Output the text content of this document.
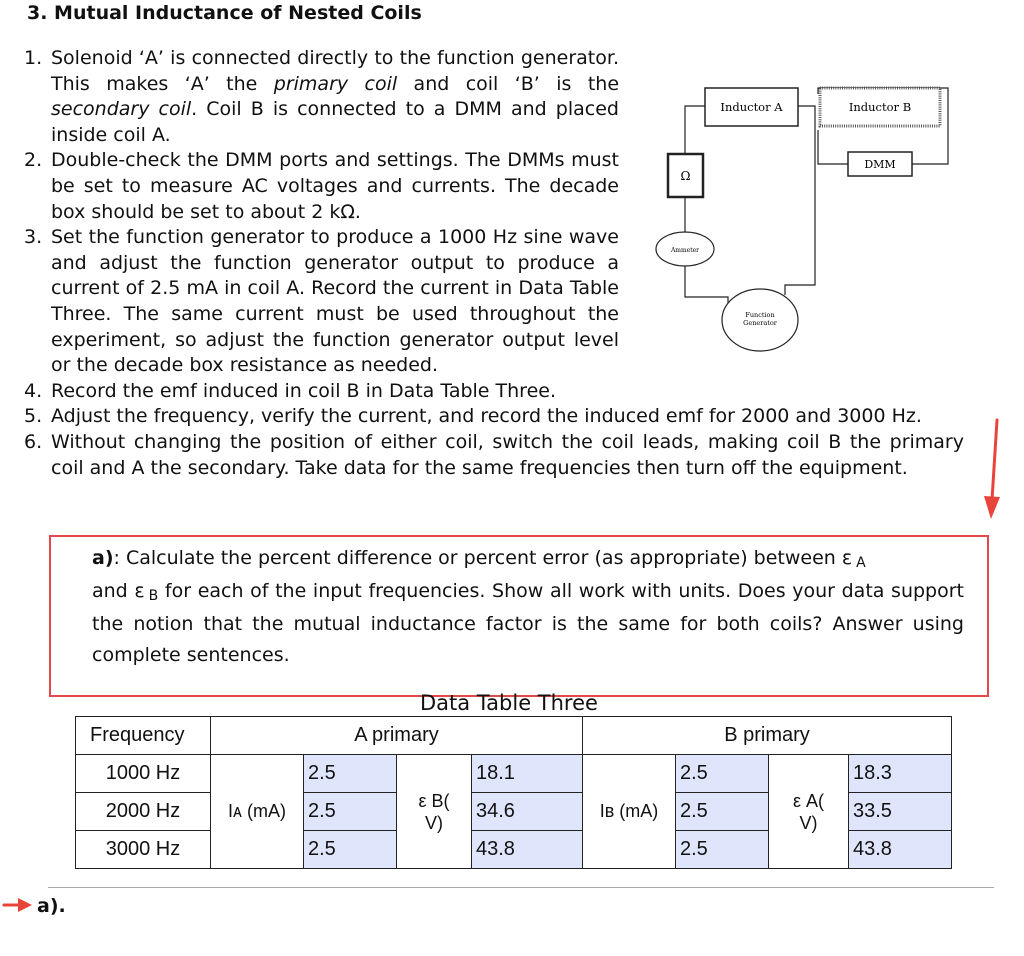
3. Mutual Inductance of Nested Coils
1. Solenoid ‘A’ is connected directly to the function generator. This makes ‘A’ the primary coil and coil ‘B’ is the secondary coil. Coil B is connected to a DMM and placed inside coil A.
2. Double-check the DMM ports and settings. The DMMs must be set to measure AC voltages and currents. The decade box should be set to about 2 kΩ.
3. Set the function generator to produce a 1000 Hz sine wave and adjust the function generator output to produce a current of 2.5 mA in coil A. Record the current in Data Table Three. The same current must be used throughout the experiment, so adjust the function generator output level or the decade box resistance as needed.
4. Record the emf induced in coil B in Data Table Three.
5. Adjust the frequency, verify the current, and record the induced emf for 2000 and 3000 Hz.
6. Without changing the position of either coil, switch the coil leads, making coil B the primary coil and A the secondary. Take data for the same frequencies then turn off the equipment.
Inductor A	Inductor B
DMM
Ω
Ammeter
Function
Generator
a): Calculate the percent difference or percent error (as appropriate) between ε A
and ε B for each of the input frequencies. Show all work with units. Does your data support the notion that the mutual inductance factor is the same for both coils? Answer using complete sentences.
Data Table Three
Frequency	A primary				B primary			
1000 Hz	Iᴀ (mA)	2.5	ε B(
V)	18.1	Iʙ (mA)	2.5	ε A(
V)	18.3
2000 Hz		2.5		34.6		2.5		33.5
3000 Hz		2.5		43.8		2.5		43.8
a).
